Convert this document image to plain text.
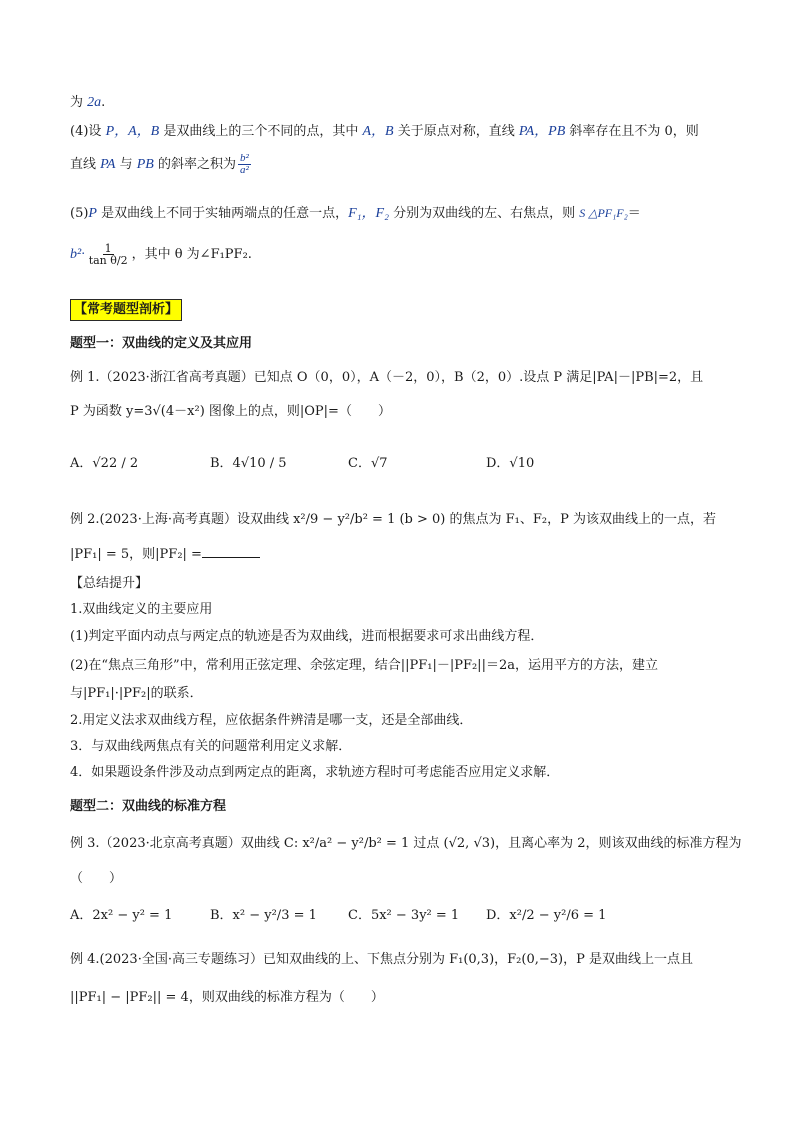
为 2a.
(4)设 P，A，B 是双曲线上的三个不同的点，其中 A，B 关于原点对称，直线 PA，PB 斜率存在且不为 0，则
直线 PA 与 PB 的斜率之积为 $\frac{\text{b²}}{\text{a²}}$
(5)P 是双曲线上不同于实轴两端点的任意一点，F₁，F₂ 分别为双曲线的左、右焦点，则 S △PF₁F₂＝
$b^2\cdot \frac{1}{\text{tan θ/2}}$ ，其中 θ 为∠F₁PF₂.
【常考题型剖析】
题型一：双曲线的定义及其应用
例 1.（2023·浙江省高考真题）已知点 O（0，0），A（－2，0），B（2，0）.设点 P 满足|PA|－|PB|=2，且
P 为函数 y=3√(4－x²) 图像上的点，则|OP|=（　　）
A．√22 / 2	B．4√10 / 5	C．√7	D．√10
例 2.(2023·上海·高考真题）设双曲线 x²/9 − y²/b² = 1 (b > 0) 的焦点为 F₁、F₂，P 为该双曲线上的一点，若
|PF₁| = 5，则|PF₂| =
【总结提升】
1.双曲线定义的主要应用
(1)判定平面内动点与两定点的轨迹是否为双曲线，进而根据要求可求出曲线方程．
(2)在“焦点三角形”中，常利用正弦定理、余弦定理，结合||PF₁|－|PF₂||＝2a，运用平方的方法，建立
与|PF₁|·|PF₂|的联系．
2.用定义法求双曲线方程，应依据条件辨清是哪一支，还是全部曲线．
3．与双曲线两焦点有关的问题常利用定义求解．
4．如果题设条件涉及动点到两定点的距离，求轨迹方程时可考虑能否应用定义求解．
题型二：双曲线的标准方程
例 3.（2023·北京高考真题）双曲线 C: x²/a² − y²/b² = 1 过点 (√2, √3)，且离心率为 2，则该双曲线的标准方程为
（　　）
A．2x² − y² = 1	B．x² − y²/3 = 1 C．5x² − 3y² = 1 D．x²/2 − y²/6 = 1
例 4.(2023·全国·高三专题练习）已知双曲线的上、下焦点分别为 F₁(0,3)，F₂(0,−3)，P 是双曲线上一点且
||PF₁| − |PF₂|| = 4，则双曲线的标准方程为（　　）
